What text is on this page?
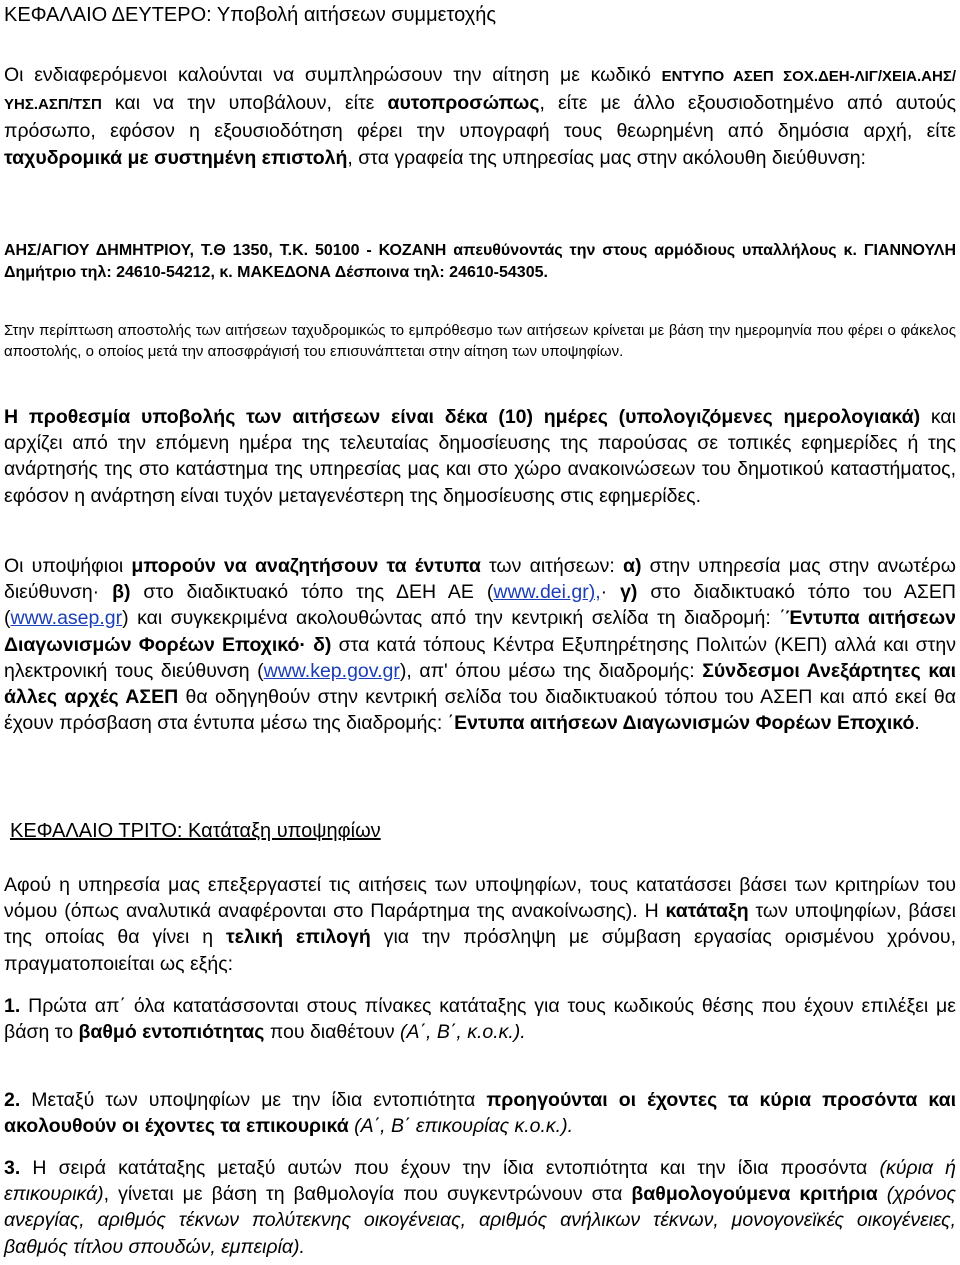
ΚΕΦΑΛΑΙΟ ΔΕΥΤΕΡΟ: Υποβολή αιτήσεων συμμετοχής

Οι ενδιαφερόμενοι καλούνται να συμπληρώσουν την αίτηση με κωδικό ΕΝΤΥΠΟ ΑΣΕΠ ΣΟΧ.ΔΕΗ-ΛΙΓ/ΧΕΙΑ.ΑΗΣ/ΥΗΣ.ΑΣΠ/ΤΣΠ και να την υποβάλουν, είτε αυτοπροσώπως, είτε με άλλο εξουσιοδοτημένο από αυτούς πρόσωπο, εφόσον η εξουσιοδότηση φέρει την υπογραφή τους θεωρημένη από δημόσια αρχή, είτε ταχυδρομικά με συστημένη επιστολή, στα γραφεία της υπηρεσίας μας στην ακόλουθη διεύθυνση:

ΑΗΣ/ΑΓΙΟΥ ΔΗΜΗΤΡΙΟΥ, Τ.Θ 1350, Τ.Κ. 50100 - ΚΟΖΑΝΗ απευθύνοντάς την στους αρμόδιους υπαλλήλους κ. ΓΙΑΝΝΟΥΛΗ Δημήτριο τηλ: 24610-54212, κ. ΜΑΚΕΔΟΝΑ Δέσποινα τηλ: 24610-54305.

Στην περίπτωση αποστολής των αιτήσεων ταχυδρομικώς το εμπρόθεσμο των αιτήσεων κρίνεται με βάση την ημερομηνία που φέρει ο φάκελος αποστολής, ο οποίος μετά την αποσφράγισή του επισυνάπτεται στην αίτηση των υποψηφίων.

Η προθεσμία υποβολής των αιτήσεων είναι δέκα (10) ημέρες (υπολογιζόμενες ημερολογιακά) και αρχίζει από την επόμενη ημέρα της τελευταίας δημοσίευσης της παρούσας σε τοπικές εφημερίδες ή της ανάρτησής της στο κατάστημα της υπηρεσίας μας και στο χώρο ανακοινώσεων του δημοτικού καταστήματος, εφόσον η ανάρτηση είναι τυχόν μεταγενέστερη της δημοσίευσης στις εφημερίδες.

Οι υποψήφιοι μπορούν να αναζητήσουν τα έντυπα των αιτήσεων: α) στην υπηρεσία μας στην ανωτέρω διεύθυνση· β) στο διαδικτυακό τόπο της ΔΕΗ ΑΕ (www.dei.gr),· γ) στο διαδικτυακό τόπο του ΑΣΕΠ (www.asep.gr) και συγκεκριμένα ακολουθώντας από την κεντρική σελίδα τη διαδρομή: ΄Έντυπα αιτήσεων Διαγωνισμών Φορέων Εποχικό· δ) στα κατά τόπους Κέντρα Εξυπηρέτησης Πολιτών (ΚΕΠ) αλλά και στην ηλεκτρονική τους διεύθυνση (www.kep.gov.gr), απ' όπου μέσω της διαδρομής: Σύνδεσμοι Ανεξάρτητες και άλλες αρχές ΑΣΕΠ θα οδηγηθούν στην κεντρική σελίδα του διαδικτυακού τόπου του ΑΣΕΠ και από εκεί θα έχουν πρόσβαση στα έντυπα μέσω της διαδρομής: ΄Εντυπα αιτήσεων Διαγωνισμών Φορέων Εποχικό.

ΚΕΦΑΛΑΙΟ ΤΡΙΤΟ: Κατάταξη υποψηφίων

Αφού η υπηρεσία μας επεξεργαστεί τις αιτήσεις των υποψηφίων, τους κατατάσσει βάσει των κριτηρίων του νόμου (όπως αναλυτικά αναφέρονται στο Παράρτημα της ανακοίνωσης). Η κατάταξη των υποψηφίων, βάσει της οποίας θα γίνει η τελική επιλογή για την πρόσληψη με σύμβαση εργασίας ορισμένου χρόνου, πραγματοποιείται ως εξής:

1. Πρώτα απ΄ όλα κατατάσσονται στους πίνακες κατάταξης για τους κωδικούς θέσης που έχουν επιλέξει με βάση το βαθμό εντοπιότητας που διαθέτουν (Α΄, Β΄, κ.ο.κ.).

2. Μεταξύ των υποψηφίων με την ίδια εντοπιότητα προηγούνται οι έχοντες τα κύρια προσόντα και ακολουθούν οι έχοντες τα επικουρικά (Α΄, Β΄ επικουρίας κ.ο.κ.).

3. Η σειρά κατάταξης μεταξύ αυτών που έχουν την ίδια εντοπιότητα και την ίδια προσόντα (κύρια ή επικουρικά), γίνεται με βάση τη βαθμολογία που συγκεντρώνουν στα βαθμολογούμενα κριτήρια (χρόνος ανεργίας, αριθμός τέκνων πολύτεκνης οικογένειας, αριθμός ανήλικων τέκνων, μονογονεϊκές οικογένειες, βαθμός τίτλου σπουδών, εμπειρία).
